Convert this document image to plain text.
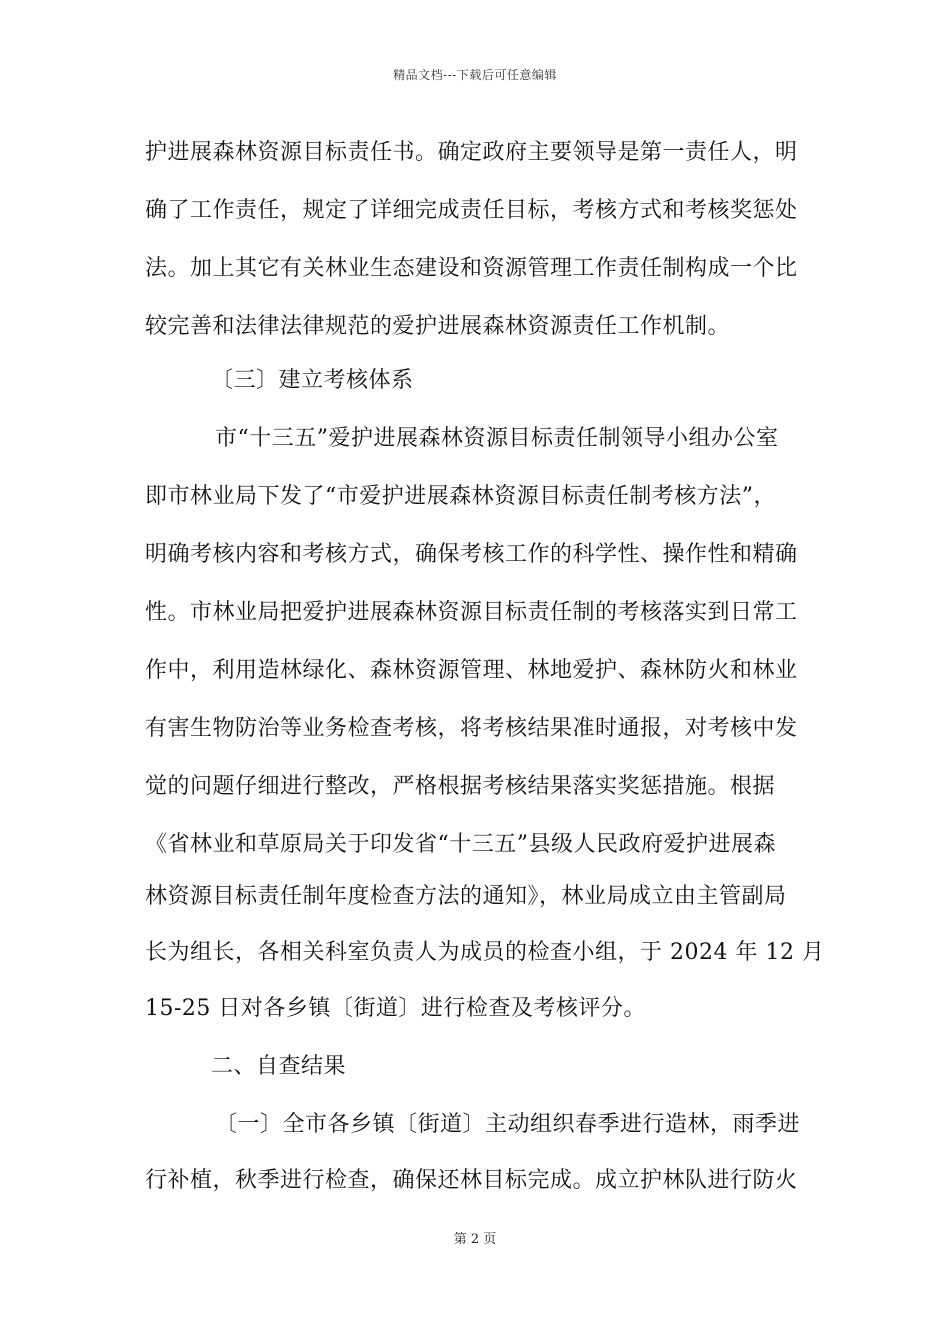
精品文档---下载后可任意编辑
护进展森林资源目标责任书。确定政府主要领导是第一责任人，明
确了工作责任，规定了详细完成责任目标，考核方式和考核奖惩处
法。加上其它有关林业生态建设和资源管理工作责任制构成一个比
较完善和法律法律规范的爱护进展森林资源责任工作机制。
〔三〕建立考核体系
市“十三五”爱护进展森林资源目标责任制领导小组办公室
即市林业局下发了“市爱护进展森林资源目标责任制考核方法”，
明确考核内容和考核方式，确保考核工作的科学性、操作性和精确
性。市林业局把爱护进展森林资源目标责任制的考核落实到日常工
作中，利用造林绿化、森林资源管理、林地爱护、森林防火和林业
有害生物防治等业务检查考核，将考核结果准时通报，对考核中发
觉的问题仔细进行整改，严格根据考核结果落实奖惩措施。根据
《省林业和草原局关于印发省“十三五”县级人民政府爱护进展森
林资源目标责任制年度检查方法的通知》，林业局成立由主管副局
长为组长，各相关科室负责人为成员的检查小组，于 2024 年 12 月
15-25 日对各乡镇〔街道〕进行检查及考核评分。
二、自查结果
〔一〕全市各乡镇〔街道〕主动组织春季进行造林，雨季进
行补植，秋季进行检查，确保还林目标完成。成立护林队进行防火
第 2 页
